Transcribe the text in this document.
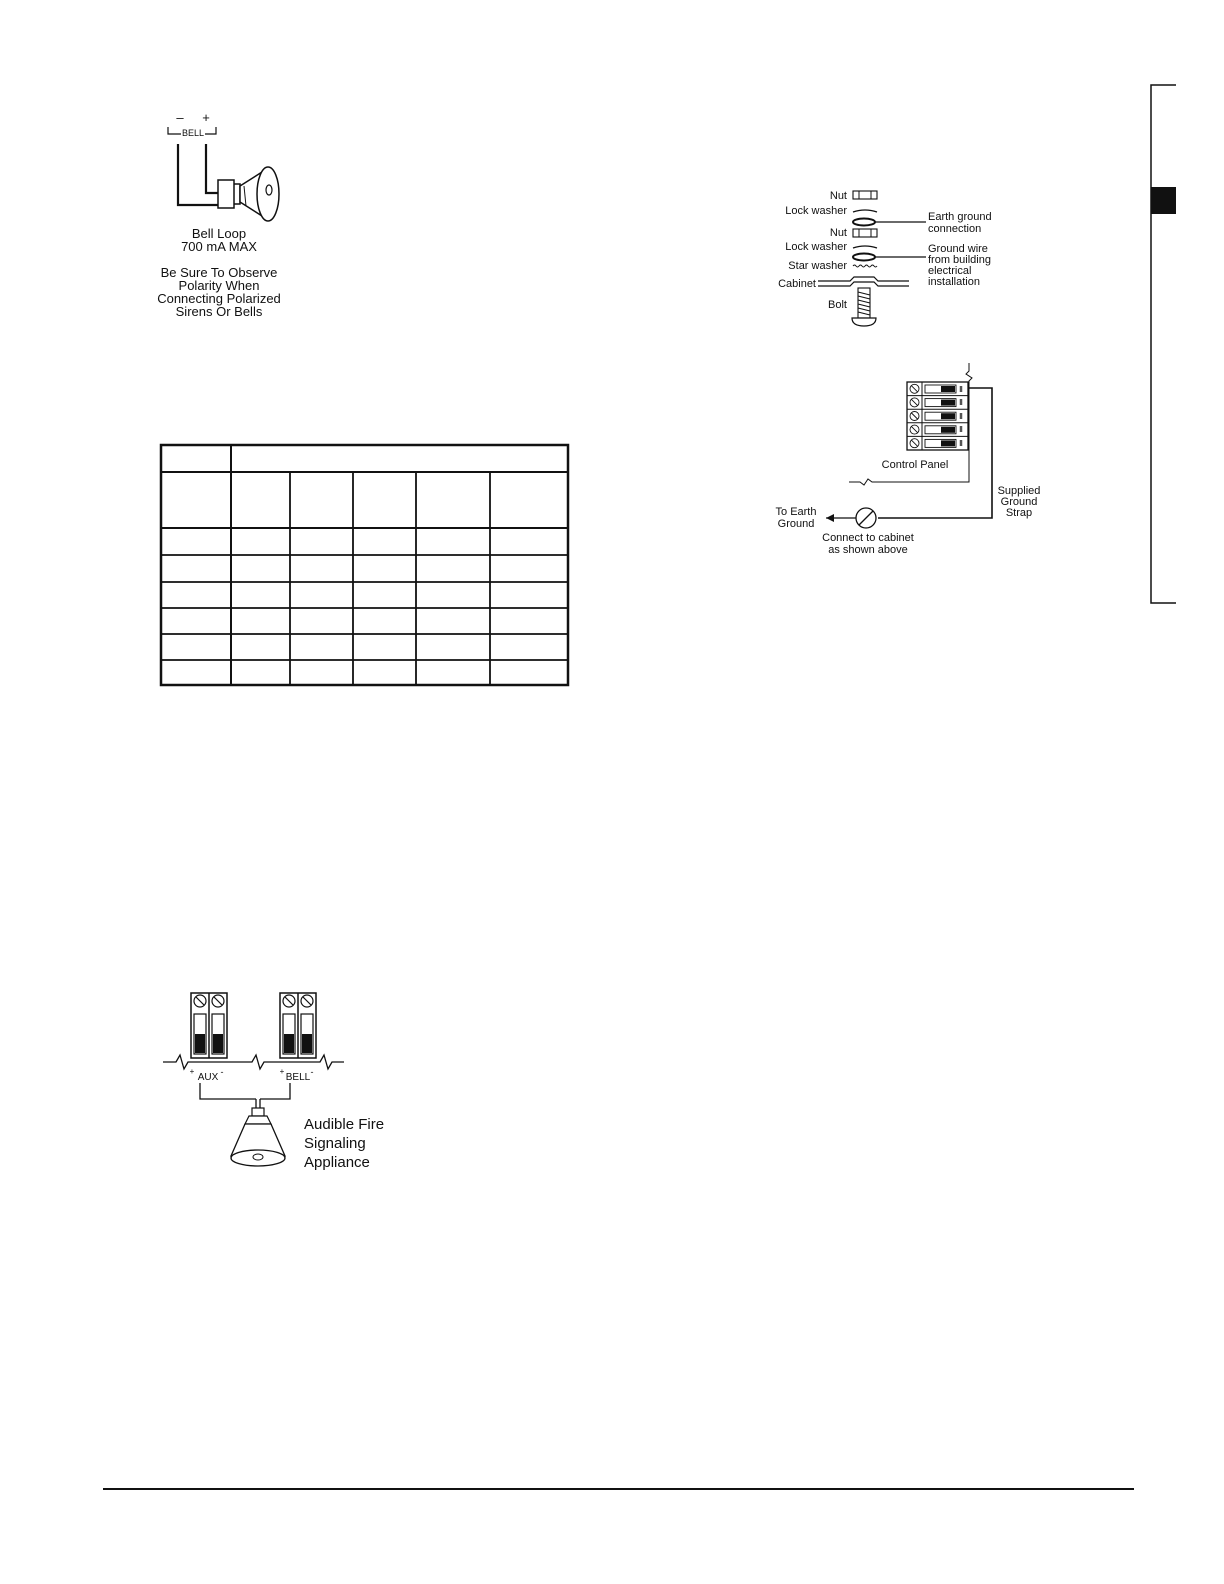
– +
BELL
Bell Loop
700 mA MAX
Be Sure To Observe
Polarity When
Connecting Polarized
Sirens Or Bells
+
AUX -	+
BELL -
Audible Fire
Signaling
Appliance
Nut
Lock washer	Earth ground
connection
Nut
Lock washer	Ground wire
from building
electrical
installation
Star washer
Cabinet
Bolt
Control Panel
Supplied
Ground
Strap
To Earth
Ground
Connect to cabinet
as shown above
